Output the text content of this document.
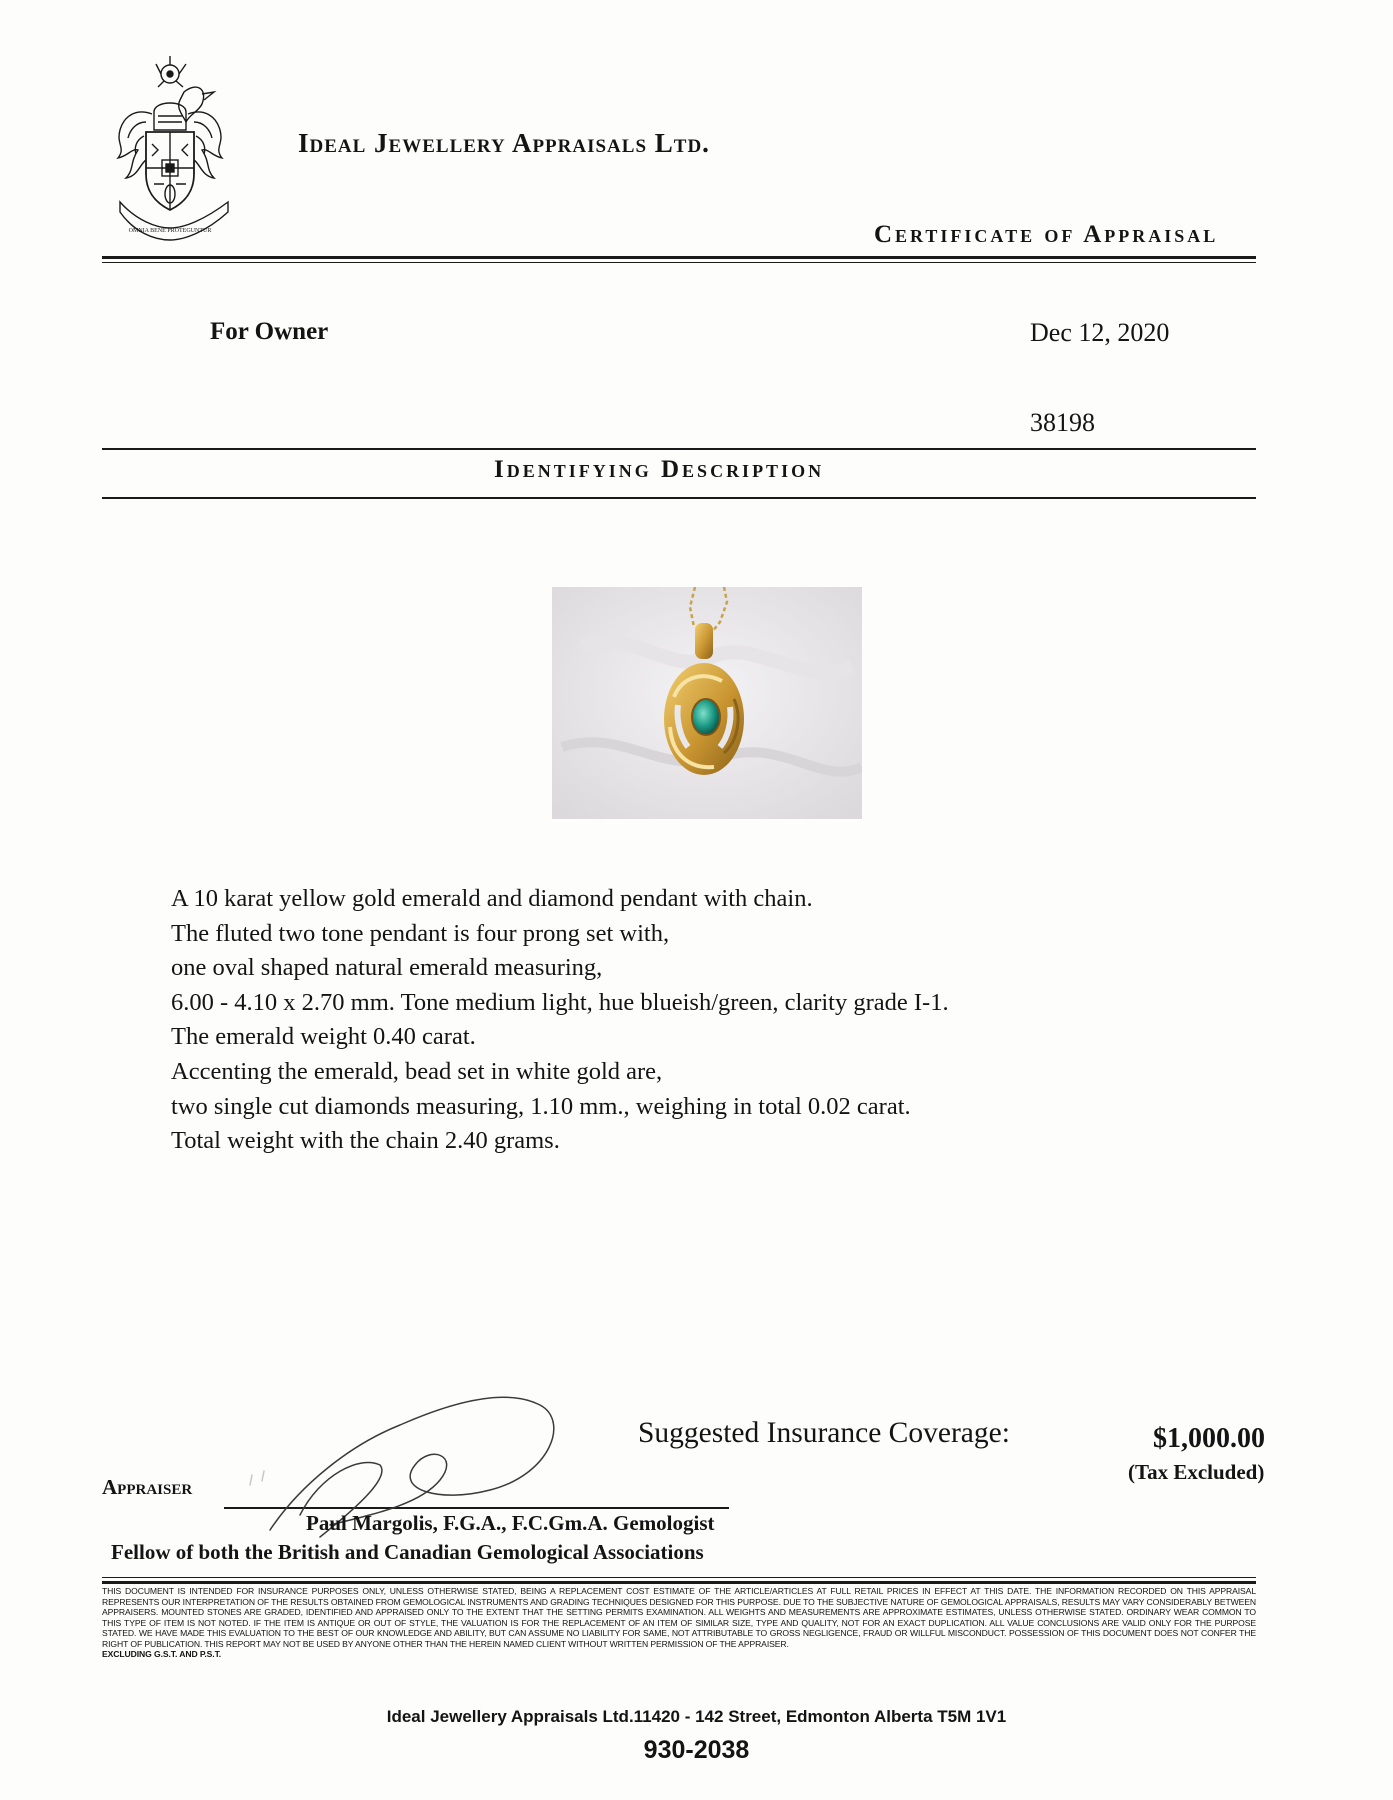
OMNIA BENE PROTEGUNTUR
Ideal Jewellery Appraisals Ltd.
Certificate of Appraisal
For Owner	Dec 12, 2020
38198
Identifying Description
A 10 karat yellow gold emerald and diamond pendant with chain.
The fluted two tone pendant is four prong set with,
one oval shaped natural emerald measuring,
6.00 - 4.10 x 2.70 mm. Tone medium light, hue blueish/green, clarity grade I-1.
The emerald weight 0.40 carat.
Accenting the emerald, bead set in white gold are,
two single cut diamonds measuring, 1.10 mm., weighing in total 0.02 carat.
Total weight with the chain 2.40 grams.
Suggested Insurance Coverage:	$1,000.00
(Tax Excluded)
Appraiser
Paul Margolis, F.G.A., F.C.Gm.A. Gemologist
Fellow of both the British and Canadian Gemological Associations
THIS DOCUMENT IS INTENDED FOR INSURANCE PURPOSES ONLY, UNLESS OTHERWISE STATED, BEING A REPLACEMENT COST ESTIMATE OF THE ARTICLE/ARTICLES AT FULL RETAIL PRICES IN EFFECT AT THIS DATE. THE INFORMATION RECORDED ON THIS APPRAISAL REPRESENTS OUR INTERPRETATION OF THE RESULTS OBTAINED FROM GEMOLOGICAL INSTRUMENTS AND GRADING TECHNIQUES DESIGNED FOR THIS PURPOSE. DUE TO THE SUBJECTIVE NATURE OF GEMOLOGICAL APPRAISALS, RESULTS MAY VARY CONSIDERABLY BETWEEN APPRAISERS. MOUNTED STONES ARE GRADED, IDENTIFIED AND APPRAISED ONLY TO THE EXTENT THAT THE SETTING PERMITS EXAMINATION. ALL WEIGHTS AND MEASUREMENTS ARE APPROXIMATE ESTIMATES, UNLESS OTHERWISE STATED. ORDINARY WEAR COMMON TO THIS TYPE OF ITEM IS NOT NOTED. IF THE ITEM IS ANTIQUE OR OUT OF STYLE, THE VALUATION IS FOR THE REPLACEMENT OF AN ITEM OF SIMILAR SIZE, TYPE AND QUALITY, NOT FOR AN EXACT DUPLICATION. ALL VALUE CONCLUSIONS ARE VALID ONLY FOR THE PURPOSE STATED. WE HAVE MADE THIS EVALUATION TO THE BEST OF OUR KNOWLEDGE AND ABILITY, BUT CAN ASSUME NO LIABILITY FOR SAME, NOT ATTRIBUTABLE TO GROSS NEGLIGENCE, FRAUD OR WILLFUL MISCONDUCT. POSSESSION OF THIS DOCUMENT DOES NOT CONFER THE RIGHT OF PUBLICATION. THIS REPORT MAY NOT BE USED BY ANYONE OTHER THAN THE HEREIN NAMED CLIENT WITHOUT WRITTEN PERMISSION OF THE APPRAISER.
EXCLUDING G.S.T. AND P.S.T.
Ideal Jewellery Appraisals Ltd.11420 - 142 Street, Edmonton Alberta T5M 1V1
930-2038
